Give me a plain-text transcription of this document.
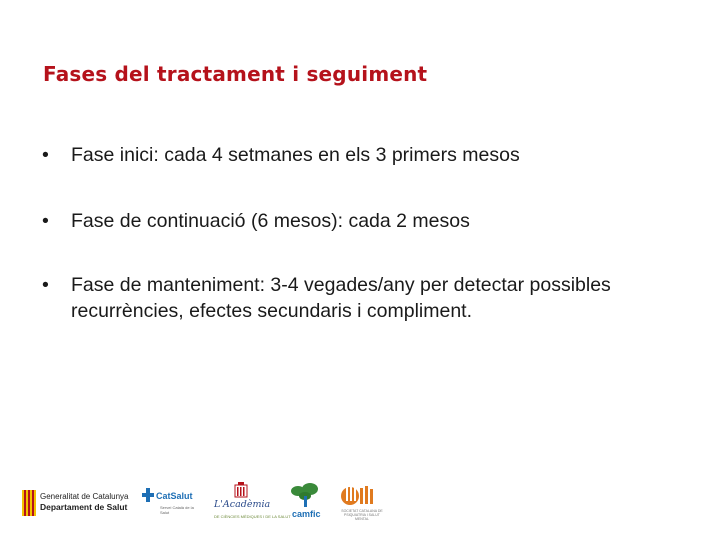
Fases del tractament i seguiment
• Fase inici: cada 4 setmanes en els 3 primers mesos
• Fase de continuació (6 mesos): cada 2 mesos
• Fase de manteniment: 3-4 vegades/any per detectar possibles recurrències, efectes secundaris i compliment.
Generalitat de Catalunya
Departament de Salut
CatSalut
Servei Català de la Salut
L'Acadèmia
DE CIÈNCIES MÈDIQUES I DE LA SALUT camfic	SOCIETAT CATALANA DE PSIQUIATRIA I SALUT MENTAL
